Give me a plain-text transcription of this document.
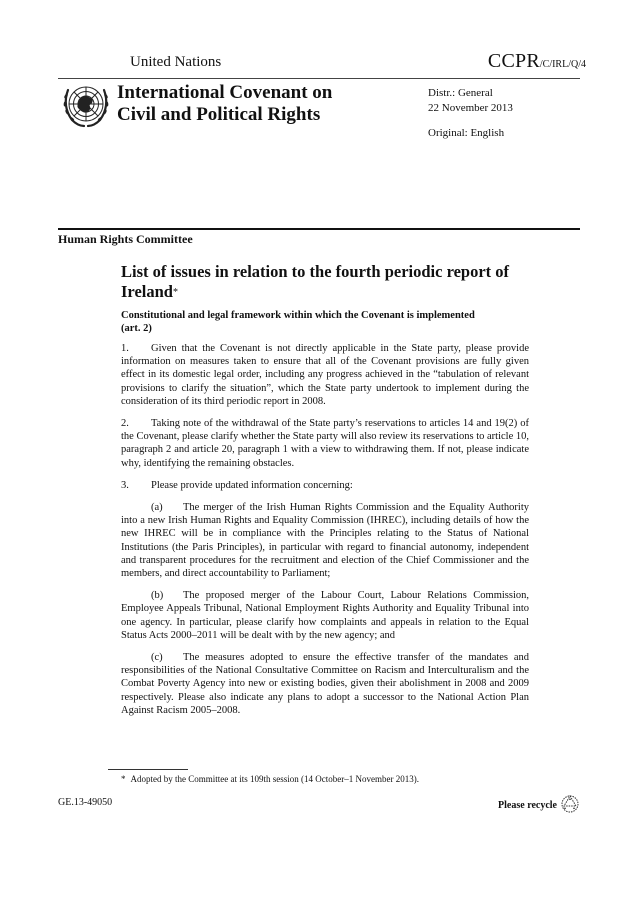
United Nations	CCPR/C/IRL/Q/4
International Covenant on
Civil and Political Rights
Distr.: General
22 November 2013
Original: English
Human Rights Committee
List of issues in relation to the fourth periodic report of Ireland*
Constitutional and legal framework within which the Covenant is implemented
(art. 2)

1. Given that the Covenant is not directly applicable in the State party, please provide information on measures taken to ensure that all of the Covenant provisions are fully given effect in its domestic legal order, including any progress achieved in the “tabulation of relevant provisions to clarify the situation”, which the State party undertook to implement during the consideration of its third periodic report in 2008.

2. Taking note of the withdrawal of the State party’s reservations to articles 14 and 19(2) of the Covenant, please clarify whether the State party will also review its reservations to article 10, paragraph 2 and article 20, paragraph 1 with a view to withdrawing them. If not, please indicate why, identifying the remaining obstacles.

3. Please provide updated information concerning:

(a) The merger of the Irish Human Rights Commission and the Equality Authority into a new Irish Human Rights and Equality Commission (IHREC), including details of how the new IHREC will be in compliance with the Principles relating to the Status of National Institutions (the Paris Principles), in particular with regard to financial autonomy, independent and transparent procedures for the recruitment and election of the Chief Commissioner and the members, and direct accountability to Parliament;

(b) The proposed merger of the Labour Court, Labour Relations Commission, Employee Appeals Tribunal, National Employment Rights Authority and Equality Tribunal into one agency. In particular, please clarify how complaints and appeals in relation to the Equal Status Acts 2000–2011 will be dealt with by the new agency; and

(c) The measures adopted to ensure the effective transfer of the mandates and responsibilities of the National Consultative Committee on Racism and Interculturalism and the Combat Poverty Agency into new or existing bodies, given their abolishment in 2008 and 2009 respectively. Please also indicate any plans to adopt a successor to the National Action Plan Against Racism 2005–2008.

* Adopted by the Committee at its 109th session (14 October–1 November 2013).
GE.13-49050	Please recycle
